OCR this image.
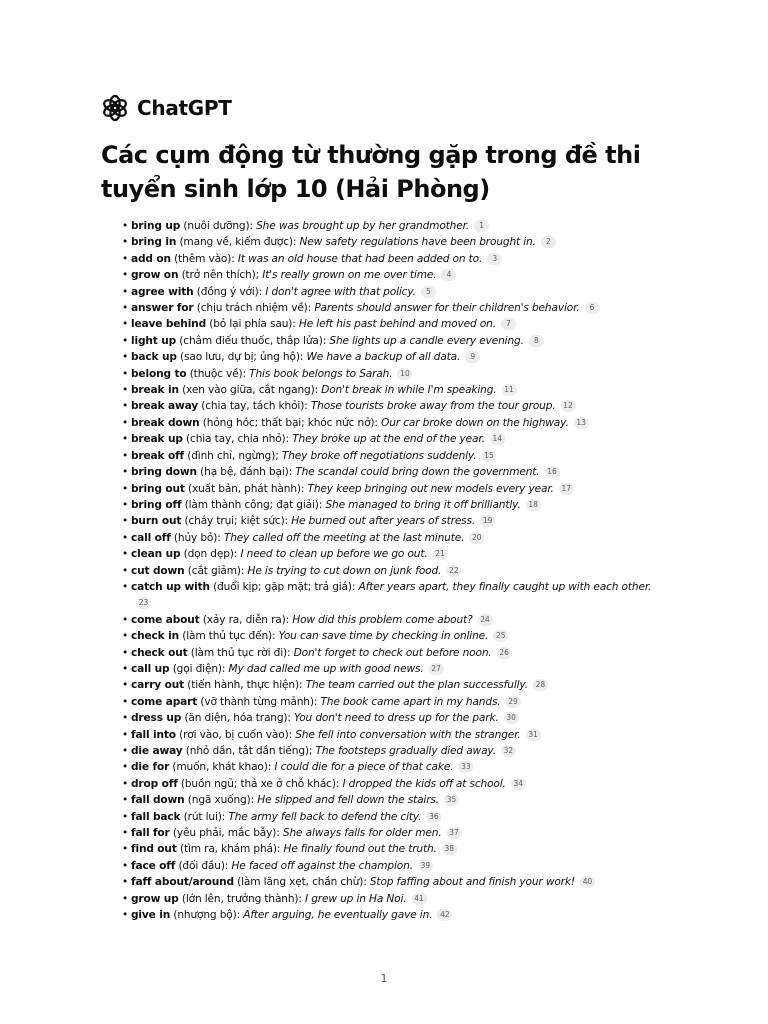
ChatGPT
Các cụm động từ thường gặp trong đề thi tuyển sinh lớp 10 (Hải Phòng)
• bring up (nuôi dưỡng): She was brought up by her grandmother. 1
• bring in (mang về, kiếm được): New safety regulations have been brought in. 2
• add on (thêm vào): It was an old house that had been added on to. 3
• grow on (trở nên thích); It's really grown on me over time. 4
• agree with (đồng ý với): I don't agree with that policy. 5
• answer for (chịu trách nhiệm về): Parents should answer for their children's behavior. 6
• leave behind (bỏ lại phía sau): He left his past behind and moved on. 7
• light up (châm điếu thuốc, thắp lửa): She lights up a candle every evening. 8
• back up (sao lưu, dự bị; ủng hộ): We have a backup of all data. 9
• belong to (thuộc về): This book belongs to Sarah. 10
• break in (xen vào giữa, cắt ngang): Don't break in while I'm speaking. 11
• break away (chia tay, tách khỏi): Those tourists broke away from the tour group. 12
• break down (hỏng hóc; thất bại; khóc nức nở): Our car broke down on the highway. 13
• break up (chia tay, chia nhỏ): They broke up at the end of the year. 14
• break off (đình chỉ, ngừng); They broke off negotiations suddenly. 15
• bring down (hạ bệ, đánh bại): The scandal could bring down the government. 16
• bring out (xuất bản, phát hành): They keep bringing out new models every year. 17
• bring off (làm thành công; đạt giải): She managed to bring it off brilliantly. 18
• burn out (cháy trụi; kiệt sức): He burned out after years of stress. 19
• call off (hủy bỏ): They called off the meeting at the last minute. 20
• clean up (dọn dẹp): I need to clean up before we go out. 21
• cut down (cắt giảm): He is trying to cut down on junk food. 22
• catch up with (đuổi kịp; gặp mặt; trả giá): After years apart, they finally caught up with each other.23
• come about (xảy ra, diễn ra): How did this problem come about? 24
• check in (làm thủ tục đến): You can save time by checking in online. 25
• check out (làm thủ tục rời đi): Don't forget to check out before noon. 26
• call up (gọi điện): My dad called me up with good news. 27
• carry out (tiến hành, thực hiện): The team carried out the plan successfully. 28
• come apart (vỡ thành từng mảnh): The book came apart in my hands. 29
• dress up (ăn diện, hóa trang): You don't need to dress up for the park. 30
• fall into (rơi vào, bị cuốn vào): She fell into conversation with the stranger. 31
• die away (nhỏ dần, tắt dần tiếng); The footsteps gradually died away. 32
• die for (muốn, khát khao): I could die for a piece of that cake. 33
• drop off (buồn ngủ; thả xe ở chỗ khác): I dropped the kids off at school. 34
• fall down (ngã xuống): He slipped and fell down the stairs. 35
• fall back (rút lui): The army fell back to defend the city. 36
• fall for (yêu phải, mắc bẫy): She always falls for older men. 37
• find out (tìm ra, khám phá): He finally found out the truth. 38
• face off (đối đầu): He faced off against the champion. 39
• faff about/around (làm lăng xẹt, chần chừ): Stop faffing about and finish your work! 40
• grow up (lớn lên, trưởng thành): I grew up in Ha Noi. 41
• give in (nhượng bộ): After arguing, he eventually gave in. 42
1
